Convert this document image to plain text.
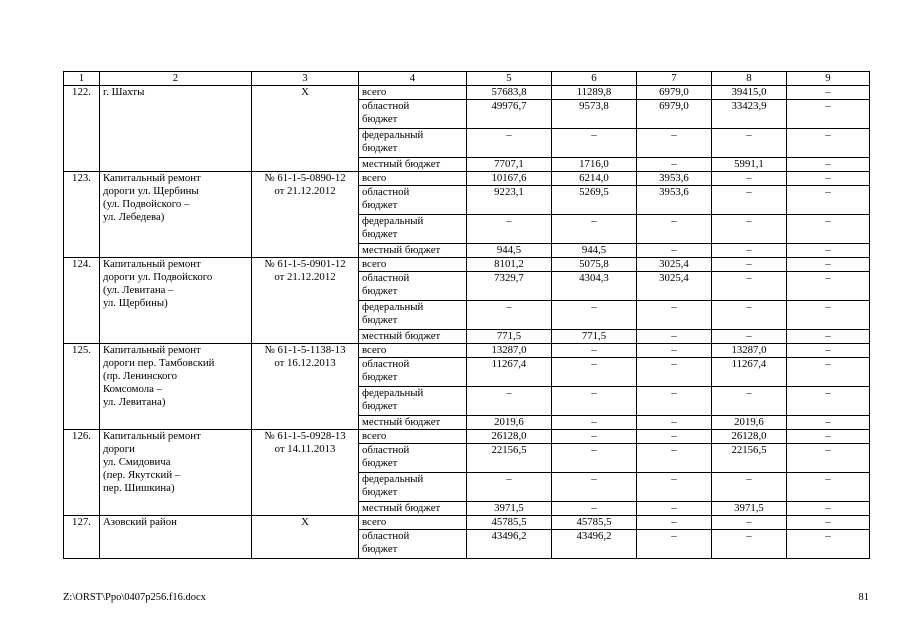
1	2	3	4	5	6	7	8	9
122.	г. Шахты	Х	всего	57683,8	11289,8	6979,0	39415,0	–
			областной
бюджет	49976,7	9573,8	6979,0	33423,9	–
			федеральный
бюджет	–	–	–	–	–
			местный бюджет	7707,1	1716,0	–	5991,1	–
123.	Капитальный ремонт
дороги ул. Щербины
(ул. Подвойского –
ул. Лебедева)	№ 61-1-5-0890-12
от 21.12.2012	всего	10167,6	6214,0	3953,6	–	–
			областной
бюджет	9223,1	5269,5	3953,6	–	–
			федеральный
бюджет	–	–	–	–	–
			местный бюджет	944,5	944,5	–	–	–
124.	Капитальный ремонт
дороги ул. Подвойского
(ул. Левитана –
ул. Щербины)	№ 61-1-5-0901-12
от 21.12.2012	всего	8101,2	5075,8	3025,4	–	–
			областной
бюджет	7329,7	4304,3	3025,4	–	–
			федеральный
бюджет	–	–	–	–	–
			местный бюджет	771,5	771,5	–	–	–
125.	Капитальный ремонт
дороги пер. Тамбовский
(пр. Ленинского
Комсомола –
ул. Левитана)	№ 61-1-5-1138-13
от 16.12.2013	всего	13287,0	–	–	13287,0	–
			областной
бюджет	11267,4	–	–	11267,4	–
			федеральный
бюджет	–	–	–	–	–
			местный бюджет	2019,6	–	–	2019,6	–
126.	Капитальный ремонт
дороги
ул. Смидовича
(пер. Якутский –
пер. Шишкина)	№ 61-1-5-0928-13
от 14.11.2013	всего	26128,0	–	–	26128,0	–
			областной
бюджет	22156,5	–	–	22156,5	–
			федеральный
бюджет	–	–	–	–	–
			местный бюджет	3971,5	–	–	3971,5	–
127.	Азовский район	Х	всего	45785,5	45785,5	–	–	–
			областной
бюджет	43496,2	43496,2	–	–	–
Z:\ORST\Ppo\0407p256.f16.docx	81
